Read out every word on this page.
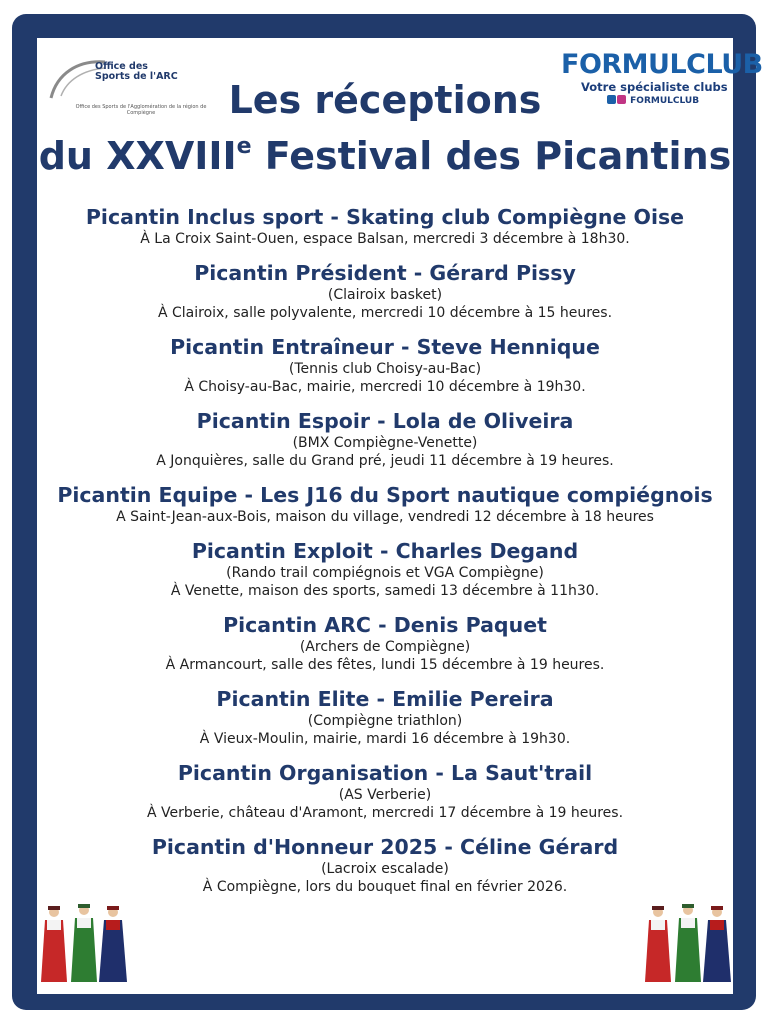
Office des Sports de l'ARC
Office des Sports de l'Agglomération de la région de Compiègne
FORMULCLUB
Votre spécialiste clubs
FORMULCLUB
Les réceptions
du XXVIIIe Festival des Picantins
Picantin Inclus sport - Skating club Compiègne Oise
À La Croix Saint-Ouen, espace Balsan, mercredi 3 décembre à 18h30.
Picantin Président - Gérard Pissy
(Clairoix basket)
À Clairoix, salle polyvalente, mercredi 10 décembre à 15 heures.
Picantin Entraîneur - Steve Hennique
(Tennis club Choisy-au-Bac)
À Choisy-au-Bac, mairie, mercredi 10 décembre à 19h30.
Picantin Espoir - Lola de Oliveira
(BMX Compiègne-Venette)
A Jonquières, salle du Grand pré, jeudi 11 décembre à 19 heures.
Picantin Equipe - Les J16 du Sport nautique compiégnois
A Saint-Jean-aux-Bois, maison du village, vendredi 12 décembre à 18 heures
Picantin Exploit - Charles Degand
(Rando trail compiégnois et VGA Compiègne)
À Venette, maison des sports, samedi 13 décembre à 11h30.
Picantin ARC - Denis Paquet
(Archers de Compiègne)
À Armancourt, salle des fêtes, lundi 15 décembre à 19 heures.
Picantin Elite - Emilie Pereira
(Compiègne triathlon)
À Vieux-Moulin, mairie, mardi 16 décembre à 19h30.
Picantin Organisation - La Saut'trail
(AS Verberie)
À Verberie, château d'Aramont, mercredi 17 décembre à 19 heures.
Picantin d'Honneur 2025 - Céline Gérard
(Lacroix escalade)
À Compiègne, lors du bouquet final en février 2026.
